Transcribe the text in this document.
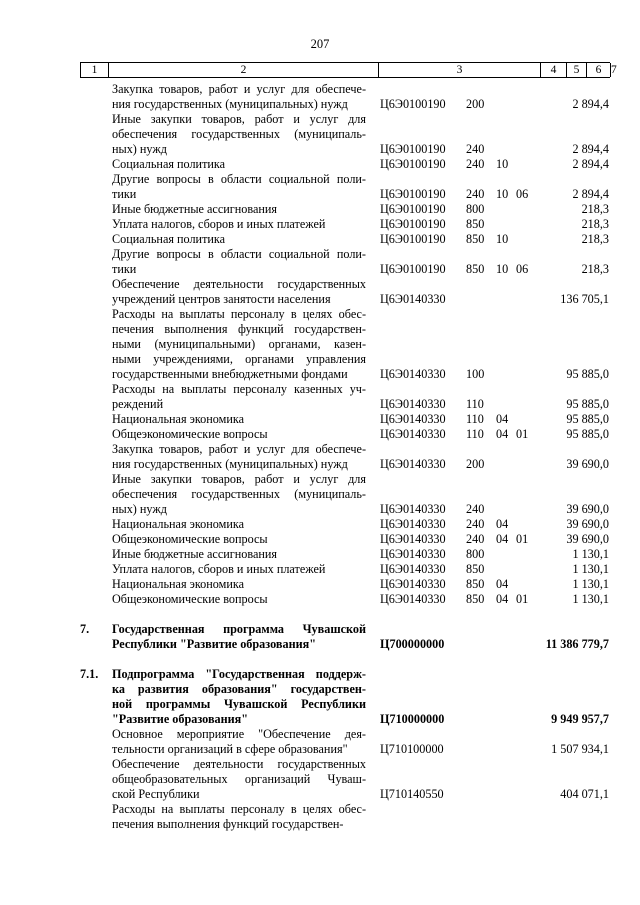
207
1	2	3	4	5	6 7
Закупка товаров, работ и услуг для обеспече-
ния государственных (муниципальных) нужд	Ц6Э0100190 200	2 894,4
Иные закупки товаров, работ и услуг для
обеспечения государственных (муниципаль-
ных) нужд	Ц6Э0100190 240	2 894,4
Социальная политика	Ц6Э0100190 240 10	2 894,4
Другие вопросы в области социальной поли-
тики	Ц6Э0100190 240 10 06	2 894,4
Иные бюджетные ассигнования	Ц6Э0100190 800	218,3
Уплата налогов, сборов и иных платежей	Ц6Э0100190 850	218,3
Социальная политика	Ц6Э0100190 850 10	218,3
Другие вопросы в области социальной поли-
тики	Ц6Э0100190 850 10 06	218,3
Обеспечение деятельности государственных
учреждений центров занятости населения	Ц6Э0140330	136 705,1
Расходы на выплаты персоналу в целях обес-
печения выполнения функций государствен-
ными (муниципальными) органами, казен-
ными учреждениями, органами управления
государственными внебюджетными фондами	Ц6Э0140330 100	95 885,0
Расходы на выплаты персоналу казенных уч-
реждений	Ц6Э0140330 110	95 885,0
Национальная экономика	Ц6Э0140330 110 04	95 885,0
Общеэкономические вопросы	Ц6Э0140330 110 04 01	95 885,0
Закупка товаров, работ и услуг для обеспече-
ния государственных (муниципальных) нужд	Ц6Э0140330 200	39 690,0
Иные закупки товаров, работ и услуг для
обеспечения государственных (муниципаль-
ных) нужд	Ц6Э0140330 240	39 690,0
Национальная экономика	Ц6Э0140330 240 04	39 690,0
Общеэкономические вопросы	Ц6Э0140330 240 04 01	39 690,0
Иные бюджетные ассигнования	Ц6Э0140330 800	1 130,1
Уплата налогов, сборов и иных платежей	Ц6Э0140330 850	1 130,1
Национальная экономика	Ц6Э0140330 850 04	1 130,1
Общеэкономические вопросы	Ц6Э0140330 850 04 01	1 130,1
7.	Государственная программа Чувашской
Республики "Развитие образования"	Ц700000000	11 386 779,7
7.1.	Подпрограмма "Государственная поддерж-
ка развития образования" государствен-
ной программы Чувашской Республики
"Развитие образования"	Ц710000000	9 949 957,7
Основное мероприятие "Обеспечение дея-
тельности организаций в сфере образования"	Ц710100000	1 507 934,1
Обеспечение деятельности государственных
общеобразовательных организаций Чуваш-
ской Республики	Ц710140550	404 071,1
Расходы на выплаты персоналу в целях обес-
печения выполнения функций государствен-
